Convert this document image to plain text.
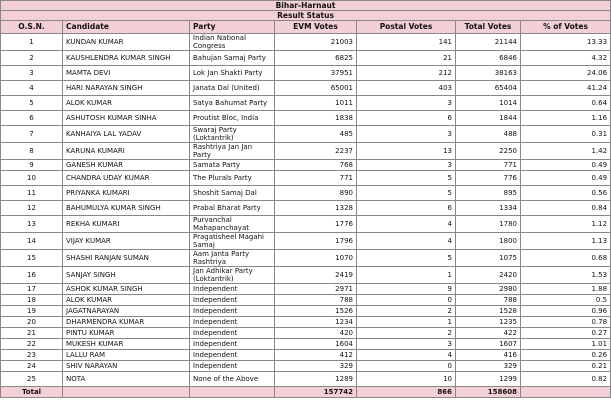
Bihar-Harnaut						
Result Status						
O.S.N.	Candidate	Party	EVM Votes	Postal Votes	Total Votes	% of Votes
1	KUNDAN KUMAR	Indian National Congress	21003	141	21144	13.33
2	KAUSHLENDRA KUMAR SINGH	Bahujan Samaj Party	6825	21	6846	4.32
3	MAMTA DEVI	Lok Jan Shakti Party	37951	212	38163	24.06
4	HARI NARAYAN SINGH	Janata Dal (United)	65001	403	65404	41.24
5	ALOK KUMAR	Satya Bahumat Party	1011	3	1014	0.64
6	ASHUTOSH KUMAR SINHA	Proutist Bloc, India	1838	6	1844	1.16
7	KANHAIYA LAL YADAV	Swaraj Party (Loktantrik)	485	3	488	0.31
8	KARUNA KUMARI	Rashtriya Jan Jan Party	2237	13	2250	1.42
9	GANESH KUMAR	Samata Party	768	3	771	0.49
10	CHANDRA UDAY KUMAR	The Plurals Party	771	5	776	0.49
11	PRIYANKA KUMARI	Shoshit Samaj Dal	890	5	895	0.56
12	BAHUMULYA KUMAR SINGH	Prabal Bharat Party	1328	6	1334	0.84
13	REKHA KUMARI	Purvanchal Mahapanchayat	1776	4	1780	1.12
14	VIJAY KUMAR	Pragatisheel Magahi Samaj	1796	4	1800	1.13
15	SHASHI RANJAN SUMAN	Aam Janta Party Rashtriya	1070	5	1075	0.68
16	SANJAY SINGH	Jan Adhikar Party (Loktantrik)	2419	1	2420	1.53
17	ASHOK KUMAR SINGH	Independent	2971	9	2980	1.88
18	ALOK KUMAR	Independent	788	0	788	0.5
19	JAGATNARAYAN	Independent	1526	2	1528	0.96
20	DHARMENDRA KUMAR	Independent	1234	1	1235	0.78
21	PINTU KUMAR	Independent	420	2	422	0.27
22	MUKESH KUMAR	Independent	1604	3	1607	1.01
23	LALLU RAM	Independent	412	4	416	0.26
24	SHIV NARAYAN	Independent	329	0	329	0.21
25	NOTA	None of the Above	1289	10	1299	0.82
Total			157742	866	158608	
